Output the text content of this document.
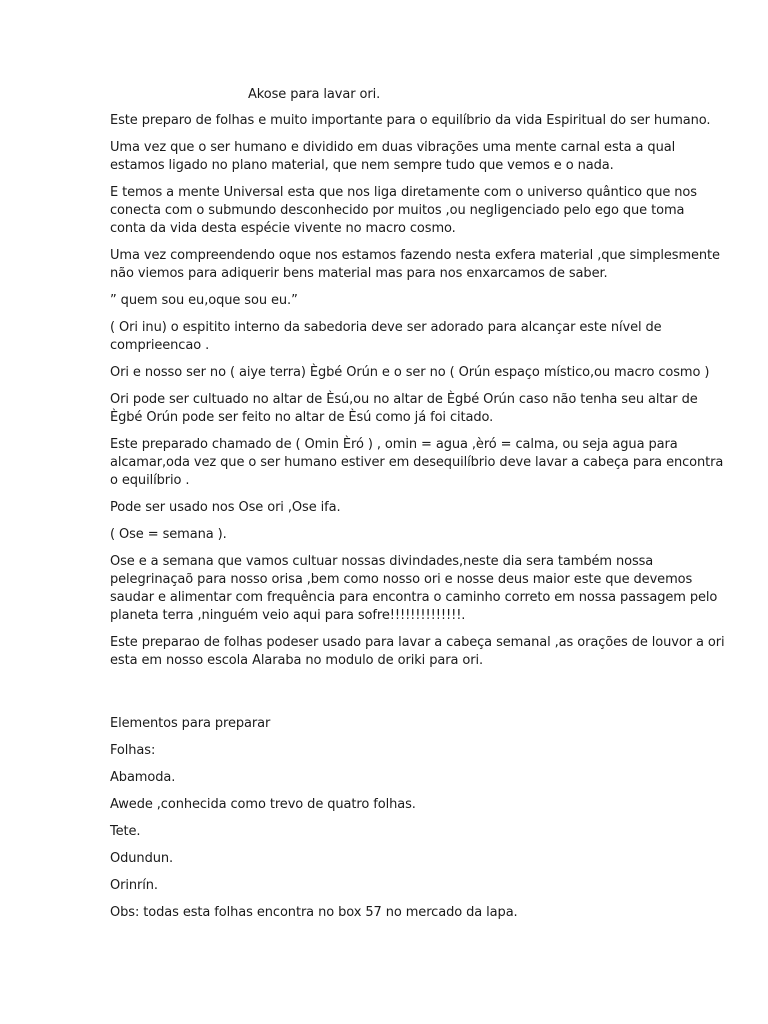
Akose para lavar ori.

Este preparo de folhas e muito importante para o equilíbrio da vida Espiritual do ser humano.

Uma vez que o ser humano e dividido em duas vibrações uma mente carnal esta a qual
estamos ligado no plano material, que nem sempre tudo que vemos e o nada.

E temos a mente Universal esta que nos liga diretamente com o universo quântico que nos
conecta com o submundo desconhecido por muitos ,ou negligenciado pelo ego que toma
conta da vida desta espécie vivente no macro cosmo.

Uma vez compreendendo oque nos estamos fazendo nesta exfera material ,que simplesmente
não viemos para adiquerir bens material mas para nos enxarcamos de saber.

” quem sou eu,oque sou eu.”

( Ori inu) o espitito interno da sabedoria deve ser adorado para alcançar este nível de
comprieencao .

Ori e nosso ser no ( aiye terra) Ègbé Orún e o ser no ( Orún espaço místico,ou macro cosmo )

Ori pode ser cultuado no altar de Èsú,ou no altar de Ègbé Orún caso não tenha seu altar de
Ègbé Orún pode ser feito no altar de Èsú como já foi citado.

Este preparado chamado de ( Omin Èró ) , omin = agua ,èró = calma, ou seja agua para
alcamar,oda vez que o ser humano estiver em desequilíbrio deve lavar a cabeça para encontra
o equilíbrio .

Pode ser usado nos Ose ori ,Ose ifa.

( Ose = semana ).

Ose e a semana que vamos cultuar nossas divindades,neste dia sera também nossa
pelegrinaçaõ para nosso orisa ,bem como nosso ori e nosse deus maior este que devemos
saudar e alimentar com frequência para encontra o caminho correto em nossa passagem pelo
planeta terra ,ninguém veio aqui para sofre!!!!!!!!!!!!!!.

Este preparao de folhas podeser usado para lavar a cabeça semanal ,as orações de louvor a ori
esta em nosso escola Alaraba no modulo de oriki para ori.

Elementos para preparar

Folhas:

Abamoda.

Awede ,conhecida como trevo de quatro folhas.

Tete.

Odundun.

Orinrín.

Obs: todas esta folhas encontra no box 57 no mercado da lapa.
